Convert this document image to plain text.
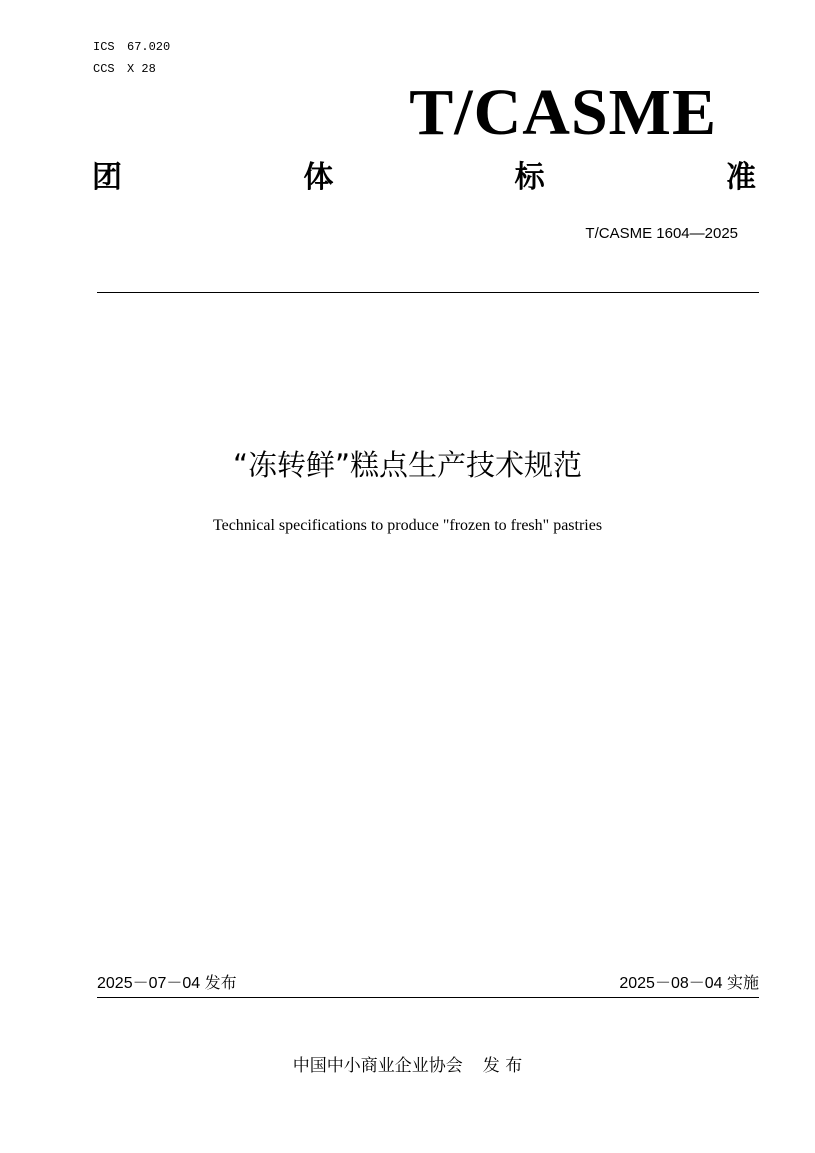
ICS 67.020
CCS X 28
T/CASME
团	体	标	准
T/CASME 1604—2025
“冻转鲜”糕点生产技术规范
Technical specifications to produce "frozen to fresh" pastries
2025－07－04 发布	2025－08－04 实施
中国中小商业企业协会 发 布
